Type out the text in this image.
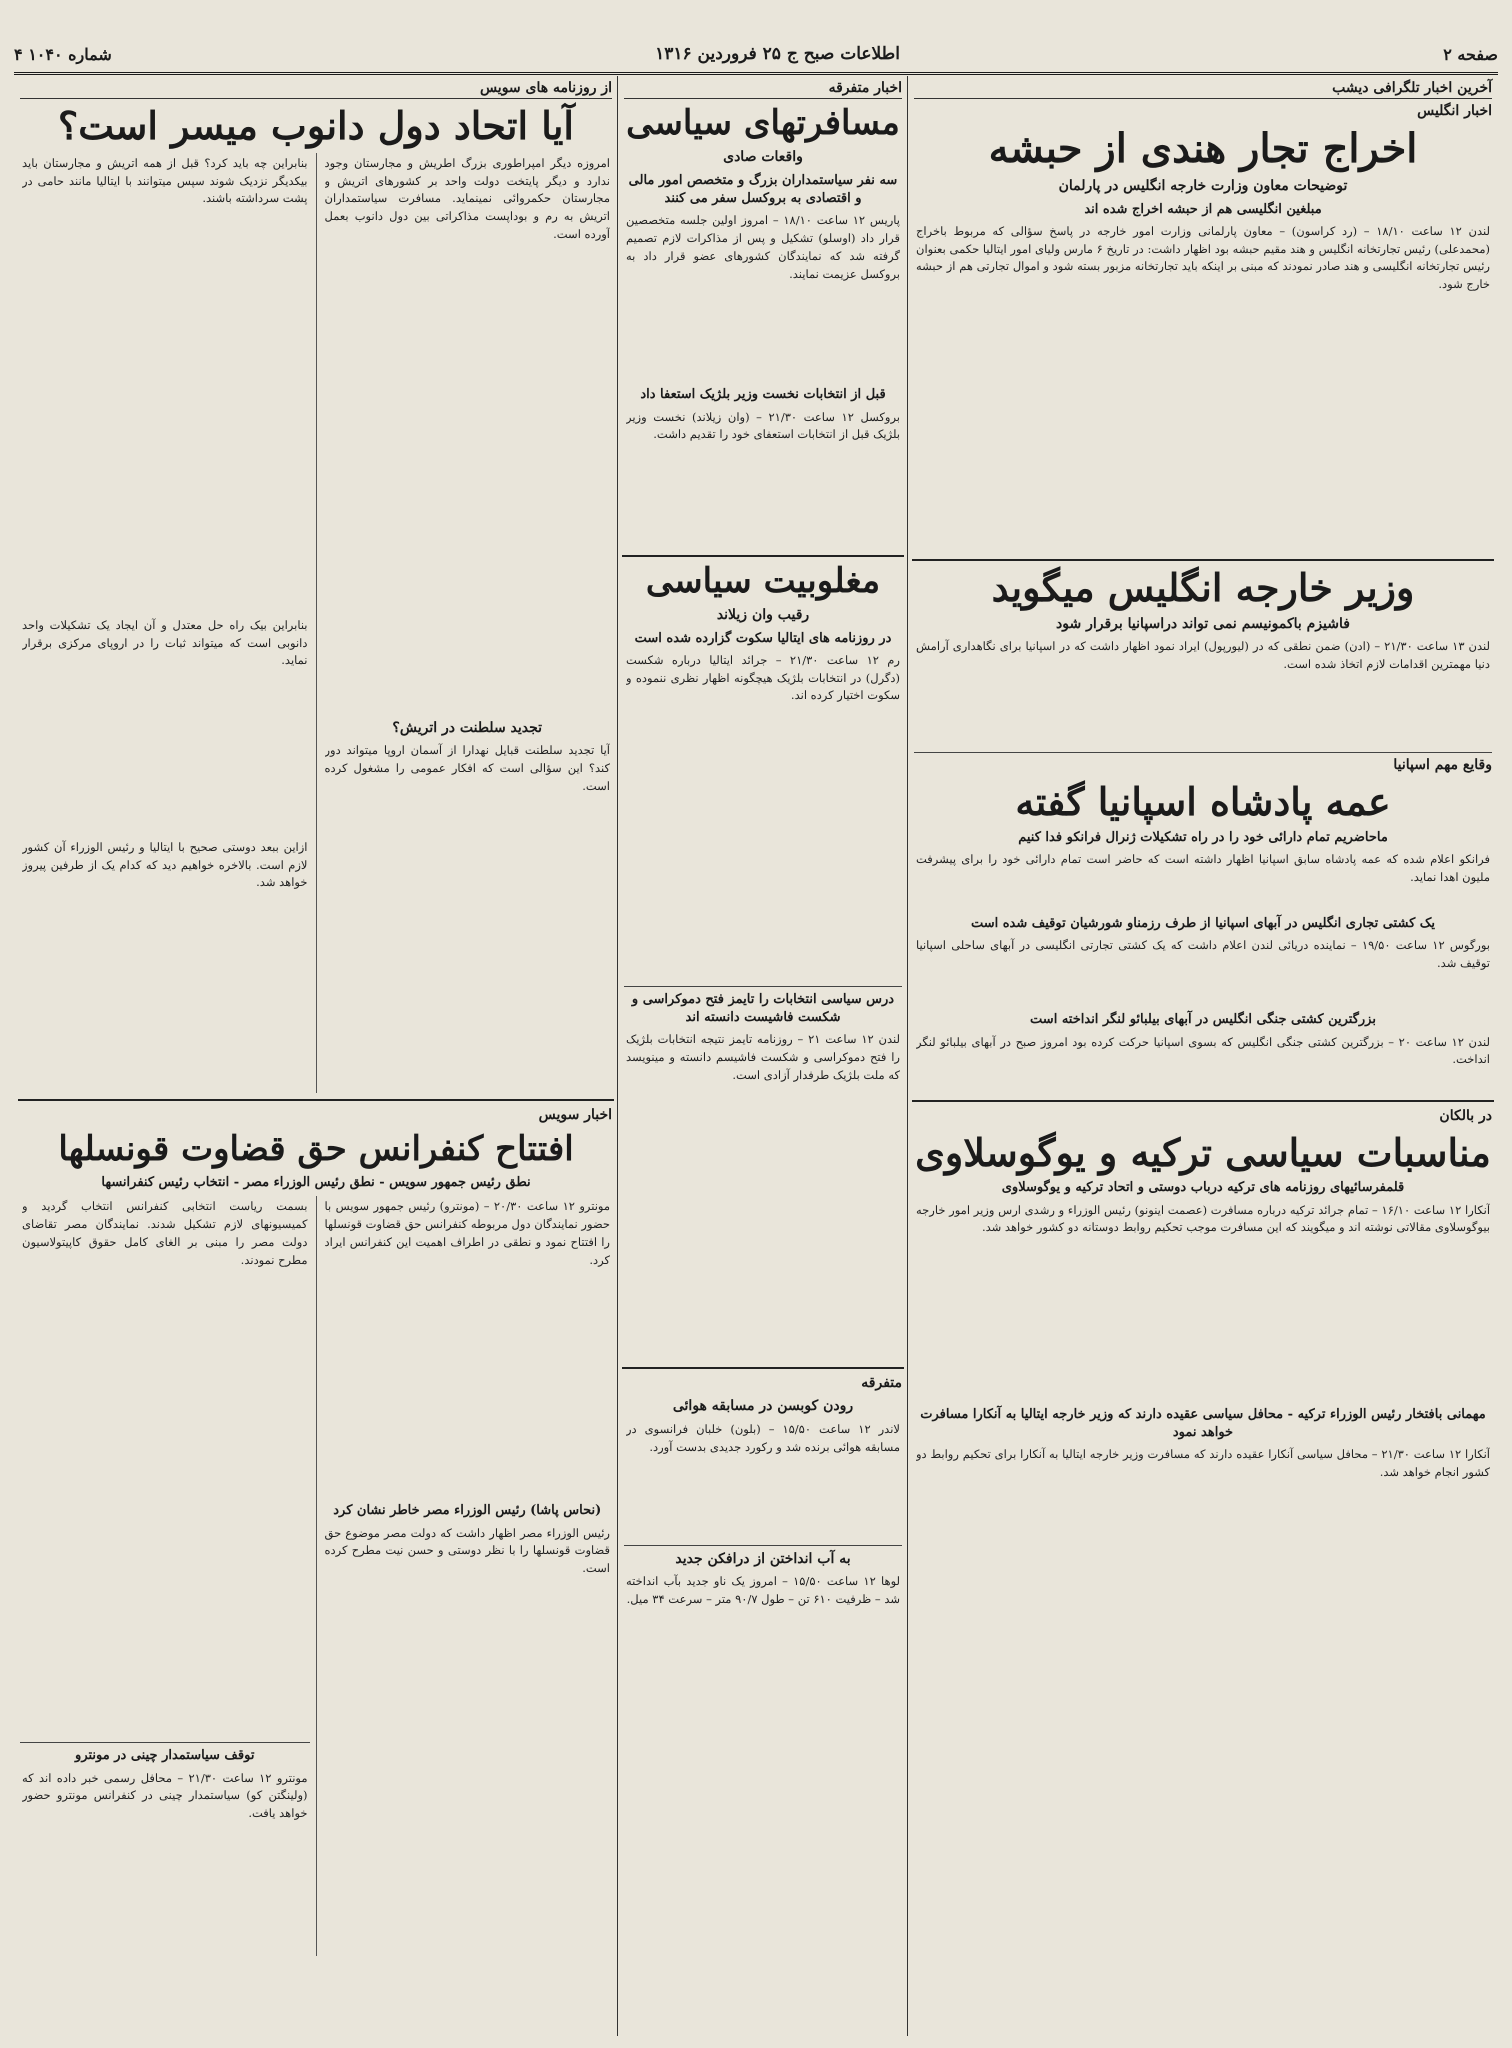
صفحه ۲
اطلاعات صبح ج ۲۵ فروردین ۱۳۱۶
شماره ۱۰۴۰ ۴
آخرین اخبار تلگرافی دیشب
اخبار انگلیس
اخراج تجار هندی از حبشه
توضیحات معاون وزارت خارجه انگلیس در پارلمان
مبلغین انگلیسی هم از حبشه اخراج شده اند
لندن ۱۲ ساعت ۱۸/۱۰ – (رد کراسون) – معاون پارلمانی وزارت امور خارجه در پاسخ سؤالی که مربوط باخراج (محمدعلی) رئیس تجارتخانه انگلیس و هند مقیم حبشه بود اظهار داشت: در تاریخ ۶ مارس ولیای امور ایتالیا حکمی بعنوان رئیس تجارتخانه انگلیسی و هند صادر نمودند که مبنی بر اینکه باید تجارتخانه مزبور بسته شود و اموال تجارتی هم از حبشه خارج شود.
وزیر خارجه انگلیس میگوید
فاشیزم باکمونیسم نمی تواند دراسپانیا برقرار شود
لندن ۱۳ ساعت ۲۱/۳۰ – (ادن) ضمن نطقی که در (لیورپول) ایراد نمود اظهار داشت که در اسپانیا برای نگاهداری آرامش دنیا مهمترین اقدامات لازم اتخاذ شده است.
وقایع مهم اسپانیا
عمه پادشاه اسپانیا گفته
ماحاضریم تمام دارائی خود را در راه تشکیلات ژنرال فرانکو فدا کنیم
فرانکو اعلام شده که عمه پادشاه سابق اسپانیا اظهار داشته است که حاضر است تمام دارائی خود را برای پیشرفت ملیون اهدا نماید.
یک کشتی تجاری انگلیس در آبهای اسپانیا از طرف رزمناو شورشیان توقیف شده است
بورگوس ۱۲ ساعت ۱۹/۵۰ – نماینده دریائی لندن اعلام داشت که یک کشتی تجارتی انگلیسی در آبهای ساحلی اسپانیا توقیف شد.
بزرگترین کشتی جنگی انگلیس در آبهای بیلبائو لنگر انداخته است
لندن ۱۲ ساعت ۲۰ – بزرگترین کشتی جنگی انگلیس که بسوی اسپانیا حرکت کرده بود امروز صبح در آبهای بیلبائو لنگر انداخت.
در بالکان
مناسبات سیاسی ترکیه و یوگوسلاوی
قلمفرسائیهای روزنامه های ترکیه درباب دوستی و اتحاد ترکیه و یوگوسلاوی
آنکارا ۱۲ ساعت ۱۶/۱۰ – تمام جرائد ترکیه درباره مسافرت (عصمت اینونو) رئیس الوزراء و رشدی ارس وزیر امور خارجه بیوگوسلاوی مقالاتی نوشته اند و میگویند که این مسافرت موجب تحکیم روابط دوستانه دو کشور خواهد شد.
مهمانی بافتخار رئیس الوزراء ترکیه - محافل سیاسی عقیده دارند که وزیر خارجه ایتالیا به آنکارا مسافرت خواهد نمود
آنکارا ۱۲ ساعت ۲۱/۳۰ – محافل سیاسی آنکارا عقیده دارند که مسافرت وزیر خارجه ایتالیا به آنکارا برای تحکیم روابط دو کشور انجام خواهد شد.
اخبار متفرقه
مسافرتهای سیاسی
واقعات صادی
سه نفر سیاستمداران بزرگ و متخصص امور مالی و اقتصادی به بروکسل سفر می کنند
پاریس ۱۲ ساعت ۱۸/۱۰ – امروز اولین جلسه متخصصین قرار داد (اوسلو) تشکیل و پس از مذاکرات لازم تصمیم گرفته شد که نمایندگان کشورهای عضو قرار داد به بروکسل عزیمت نمایند.
قبل از انتخابات نخست وزیر بلژیک استعفا داد
بروکسل ۱۲ ساعت ۲۱/۳۰ – (وان زیلاند) نخست وزیر بلژیک قبل از انتخابات استعفای خود را تقدیم داشت.
مغلوبیت سیاسی
رقیب وان زیلاند
در روزنامه های ایتالیا سکوت گزارده شده است
رم ۱۲ ساعت ۲۱/۳۰ – جرائد ایتالیا درباره شکست (دگرل) در انتخابات بلژیک هیچگونه اظهار نظری ننموده و سکوت اختیار کرده اند.
درس سیاسی انتخابات را تایمز فتح دموکراسی و شکست فاشیست دانسته اند
لندن ۱۲ ساعت ۲۱ – روزنامه تایمز نتیجه انتخابات بلژیک را فتح دموکراسی و شکست فاشیسم دانسته و مینویسد که ملت بلژیک طرفدار آزادی است.
متفرقه
رودن کوبسن در مسابقه هوائی
لاندر ۱۲ ساعت ۱۵/۵۰ – (بلون) خلبان فرانسوی در مسابقه هوائی برنده شد و رکورد جدیدی بدست آورد.
به آب انداختن از درافکن جدید
لوها ۱۲ ساعت ۱۵/۵۰ – امروز یک ناو جدید بآب انداخته شد – ظرفیت ۶۱۰ تن – طول ۹۰/۷ متر – سرعت ۳۴ میل.
از روزنامه های سویس
آیا اتحاد دول دانوب میسر است؟
امروزه دیگر امپراطوری بزرگ اطریش و مجارستان وجود ندارد و دیگر پایتخت دولت واحد بر کشورهای اتریش و مجارستان حکمروائی نمینماید. مسافرت سیاستمداران اتریش به رم و بوداپست مذاکراتی بین دول دانوب بعمل آورده است.
تجدید سلطنت در اتریش؟
آیا تجدید سلطنت قبایل نهدارا از آسمان اروپا میتواند دور کند؟ این سؤالی است که افکار عمومی را مشغول کرده است.
بنابراین چه باید کرد؟ قبل از همه اتریش و مجارستان باید بیکدیگر نزدیک شوند سپس میتوانند با ایتالیا مانند حامی در پشت سرداشته باشند.
بنابراین بیک راه حل معتدل و آن ایجاد یک تشکیلات واحد دانوبی است که میتواند ثبات را در اروپای مرکزی برقرار نماید.
ازاین ببعد دوستی صحیح با ایتالیا و رئیس الوزراء آن کشور لازم است. بالاخره خواهیم دید که کدام یک از طرفین پیروز خواهد شد.
اخبار سویس
افتتاح کنفرانس حق قضاوت قونسلها
نطق رئیس جمهور سویس - نطق رئیس الوزراء مصر - انتخاب رئیس کنفرانسها
مونترو ۱۲ ساعت ۲۰/۳۰ – (مونترو) رئیس جمهور سویس با حضور نمایندگان دول مربوطه کنفرانس حق قضاوت قونسلها را افتتاح نمود و نطقی در اطراف اهمیت این کنفرانس ایراد کرد.
(نحاس پاشا) رئیس الوزراء مصر خاطر نشان کرد
رئیس الوزراء مصر اظهار داشت که دولت مصر موضوع حق قضاوت قونسلها را با نظر دوستی و حسن نیت مطرح کرده است.
بسمت ریاست انتخابی کنفرانس انتخاب گردید و کمیسیونهای لازم تشکیل شدند. نمایندگان مصر تقاضای دولت مصر را مبنی بر الغای کامل حقوق کاپیتولاسیون مطرح نمودند.
توقف سیاستمدار چینی در مونترو
مونترو ۱۲ ساعت ۲۱/۳۰ – محافل رسمی خبر داده اند که (ولینگتن کو) سیاستمدار چینی در کنفرانس مونترو حضور خواهد یافت.
